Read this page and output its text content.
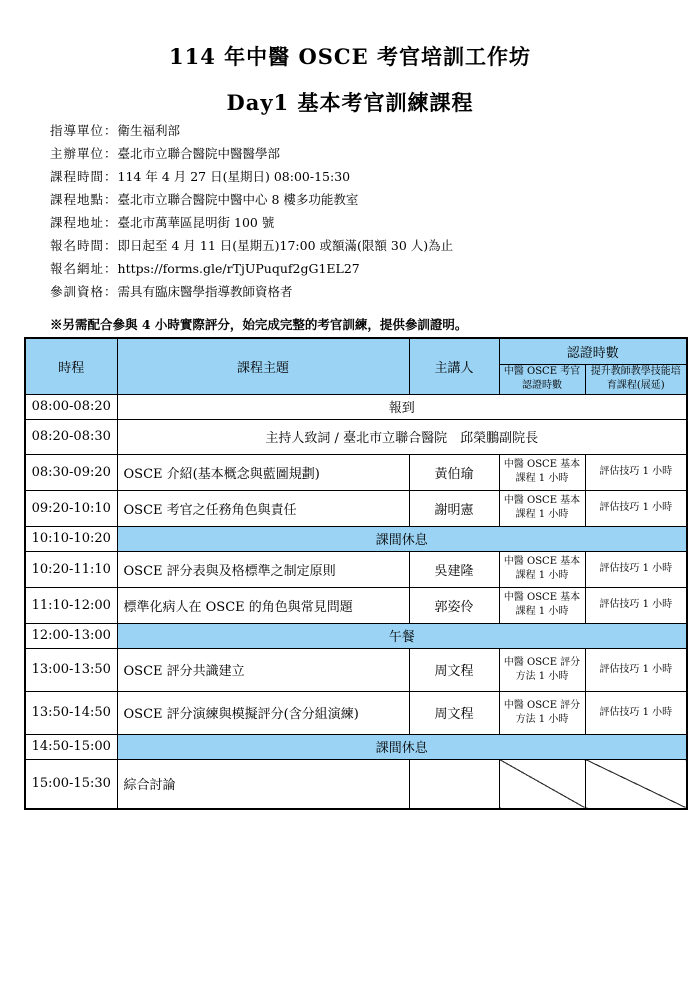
114 年中醫 OSCE 考官培訓工作坊
Day1 基本考官訓練課程
指導單位：衛生福利部
主辦單位：臺北市立聯合醫院中醫醫學部
課程時間：114 年 4 月 27 日(星期日) 08:00-15:30
課程地點：臺北市立聯合醫院中醫中心 8 樓多功能教室
課程地址：臺北市萬華區昆明街 100 號
報名時間：即日起至 4 月 11 日(星期五)17:00 或額滿(限額 30 人)為止
報名網址：https://forms.gle/rTjUPuquf2gG1EL27
參訓資格：需具有臨床醫學指導教師資格者
※另需配合參與 4 小時實際評分，始完成完整的考官訓練，提供參訓證明。
時程	課程主題	主講人	認證時數	
			中醫 OSCE 考官認證時數	提升教師教學技能培育課程(展延)
08:00-08:20	報到			
08:20-08:30	主持人致詞 / 臺北市立聯合醫院　邱榮鵬副院長			
08:30-09:20	OSCE 介紹(基本概念與藍圖規劃)	黃伯瑜	中醫 OSCE 基本課程 1 小時	評估技巧 1 小時
09:20-10:10	OSCE 考官之任務角色與責任	謝明憲	中醫 OSCE 基本課程 1 小時	評估技巧 1 小時
10:10-10:20	課間休息			
10:20-11:10	OSCE 評分表與及格標準之制定原則	吳建隆	中醫 OSCE 基本課程 1 小時	評估技巧 1 小時
11:10-12:00	標準化病人在 OSCE 的角色與常見問題	郭姿伶	中醫 OSCE 基本課程 1 小時	評估技巧 1 小時
12:00-13:00	午餐			
13:00-13:50	OSCE 評分共識建立	周文程	中醫 OSCE 評分方法 1 小時	評估技巧 1 小時
13:50-14:50	OSCE 評分演練與模擬評分(含分組演練)	周文程	中醫 OSCE 評分方法 1 小時	評估技巧 1 小時
14:50-15:00	課間休息			
15:00-15:30	綜合討論			
